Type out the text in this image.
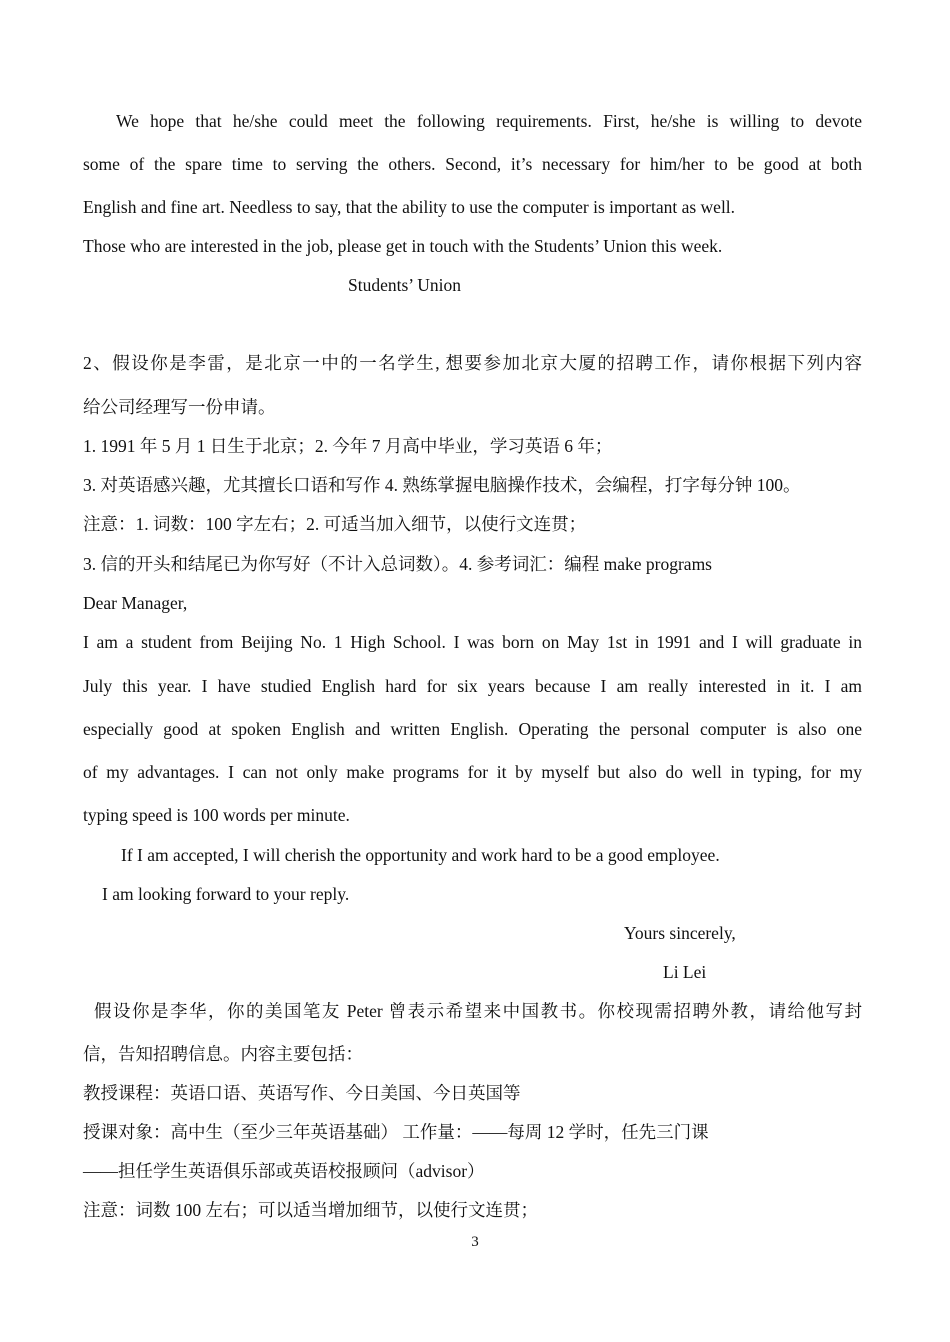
We hope that he/she could meet the following requirements. First, he/she is willing to devote
some of the spare time to serving the others. Second, it’s necessary for him/her to be good at both
English and fine art. Needless to say, that the ability to use the computer is important as well.
Those who are interested in the job, please get in touch with the Students’ Union this week.
Students’ Union
2、假设你是李雷，是北京一中的一名学生, 想要参加北京大厦的招聘工作，请你根据下列内容
给公司经理写一份申请。
1. 1991 年 5 月 1 日生于北京；2. 今年 7 月高中毕业，学习英语 6 年；
3. 对英语感兴趣，尤其擅长口语和写作 4. 熟练掌握电脑操作技术，会编程，打字每分钟 100。
注意：1. 词数：100 字左右；2. 可适当加入细节，以使行文连贯；
3. 信的开头和结尾已为你写好（不计入总词数）。4. 参考词汇：编程 make programs
Dear Manager,
I am a student from Beijing No. 1 High School. I was born on May 1st in 1991 and I will graduate in
July this year. I have studied English hard for six years because I am really interested in it. I am
especially good at spoken English and written English. Operating the personal computer is also one
of my advantages. I can not only make programs for it by myself but also do well in typing, for my
typing speed is 100 words per minute.
If I am accepted, I will cherish the opportunity and work hard to be a good employee.
I am looking forward to your reply.
Yours sincerely,
Li Lei
假设你是李华，你的美国笔友 Peter 曾表示希望来中国教书。你校现需招聘外教，请给他写封
信，告知招聘信息。内容主要包括：
教授课程：英语口语、英语写作、今日美国、今日英国等
授课对象：高中生（至少三年英语基础） 工作量：——每周 12 学时，任先三门课
——担任学生英语俱乐部或英语校报顾问（advisor）
注意：词数 100 左右；可以适当增加细节，以使行文连贯；
3
